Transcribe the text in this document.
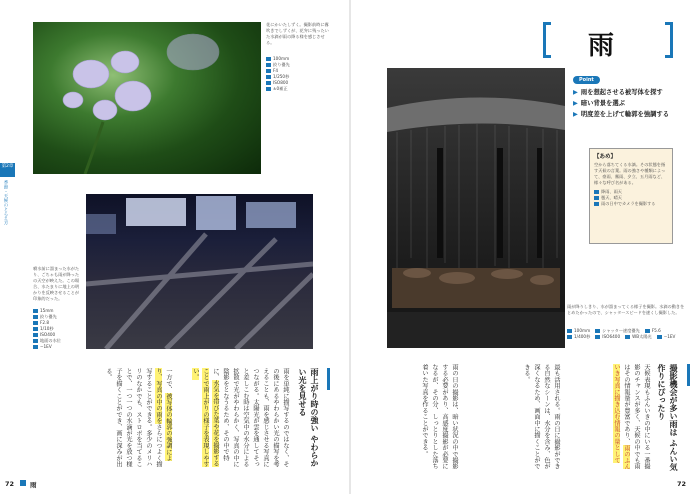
花にかいたしずく。撮影前時に霧吹きでしずくが、花弁に残ったいた水滴が雨の降る様を感じさせる。
100mm
絞り優先
F4
1/250秒
ISO800
±0補正
第2章
季節・天候のとらえ方
噴水前に溜まった水がたり、ごちゃも雨が降ったの天空が映えた。この場合、水たまりに地上の明かりを反映させることが印象的だった。
15mm
絞り優先
F2.8
1/10秒
ISO400
地面の水位
−1EV
雨上がり時の強い やわらかい光を見せる
雨を単純に描写するのではなく、その後にあるやわらかい光の描写を考えることも、雨を感じさせる写真につながる。太陽光が雲を通してそっと差しこむ時は空気中の水分による拡散で光がやわらかく、写真の中に陰影をとなうるため、その中で特に、水気を帯びた葉や花を撮影することで雨上がりの様子を表現しやすい。
一方で、被写体の輪郭の強調により、写真の中の雨をさらにつよく描写することができる。多少のメリハリのなかでも、ストロボを当てることで、一つ一つの水滴が光を放つ様子を描くことができ、画に深みが出る。
72 雨
雨
Point
▶ 雨を想起させる被写体を探す
▶ 暗い背景を選ぶ
▶ 明度差を上げて輪郭を強調する
【あめ】
空から落ちてくる水滴。その状態を指す天候の言葉。雨の強さや種類によって、豪雨、霧雨、夕立、五月雨など、様々な呼び名がある。
降雨、雨天
曇天、晴天
雨の日中でカメラを撮影する
雨が降りしきり、水が溜まってくる様子を撮影。水滴の動きをとめたかったので、シャッタースピードを速くし撮影した。
100mm	シャッター速度優先	F5.6
1/400秒	ISO6400	WB太陽光	−1EV
撮影機会が多い雨は ふんい気作りにぴったり
天候表現もふんいきの中にいる一番撮影のチャンスが多く、天候の中でも雨はその情報量が豊富であり、雨のふんいき写真に描き込む情報の量として
最も活用される。雨の日に撮影ができる自然なシーンは、水分を含み、色が深くなるため、画面中に描くことができる。
雨の日の撮影は、暗い状況の中で撮影する必要があり、高感度撮影が必要になるが、その分、しっとりとした落ち着いた写真を作ることができる。
72
